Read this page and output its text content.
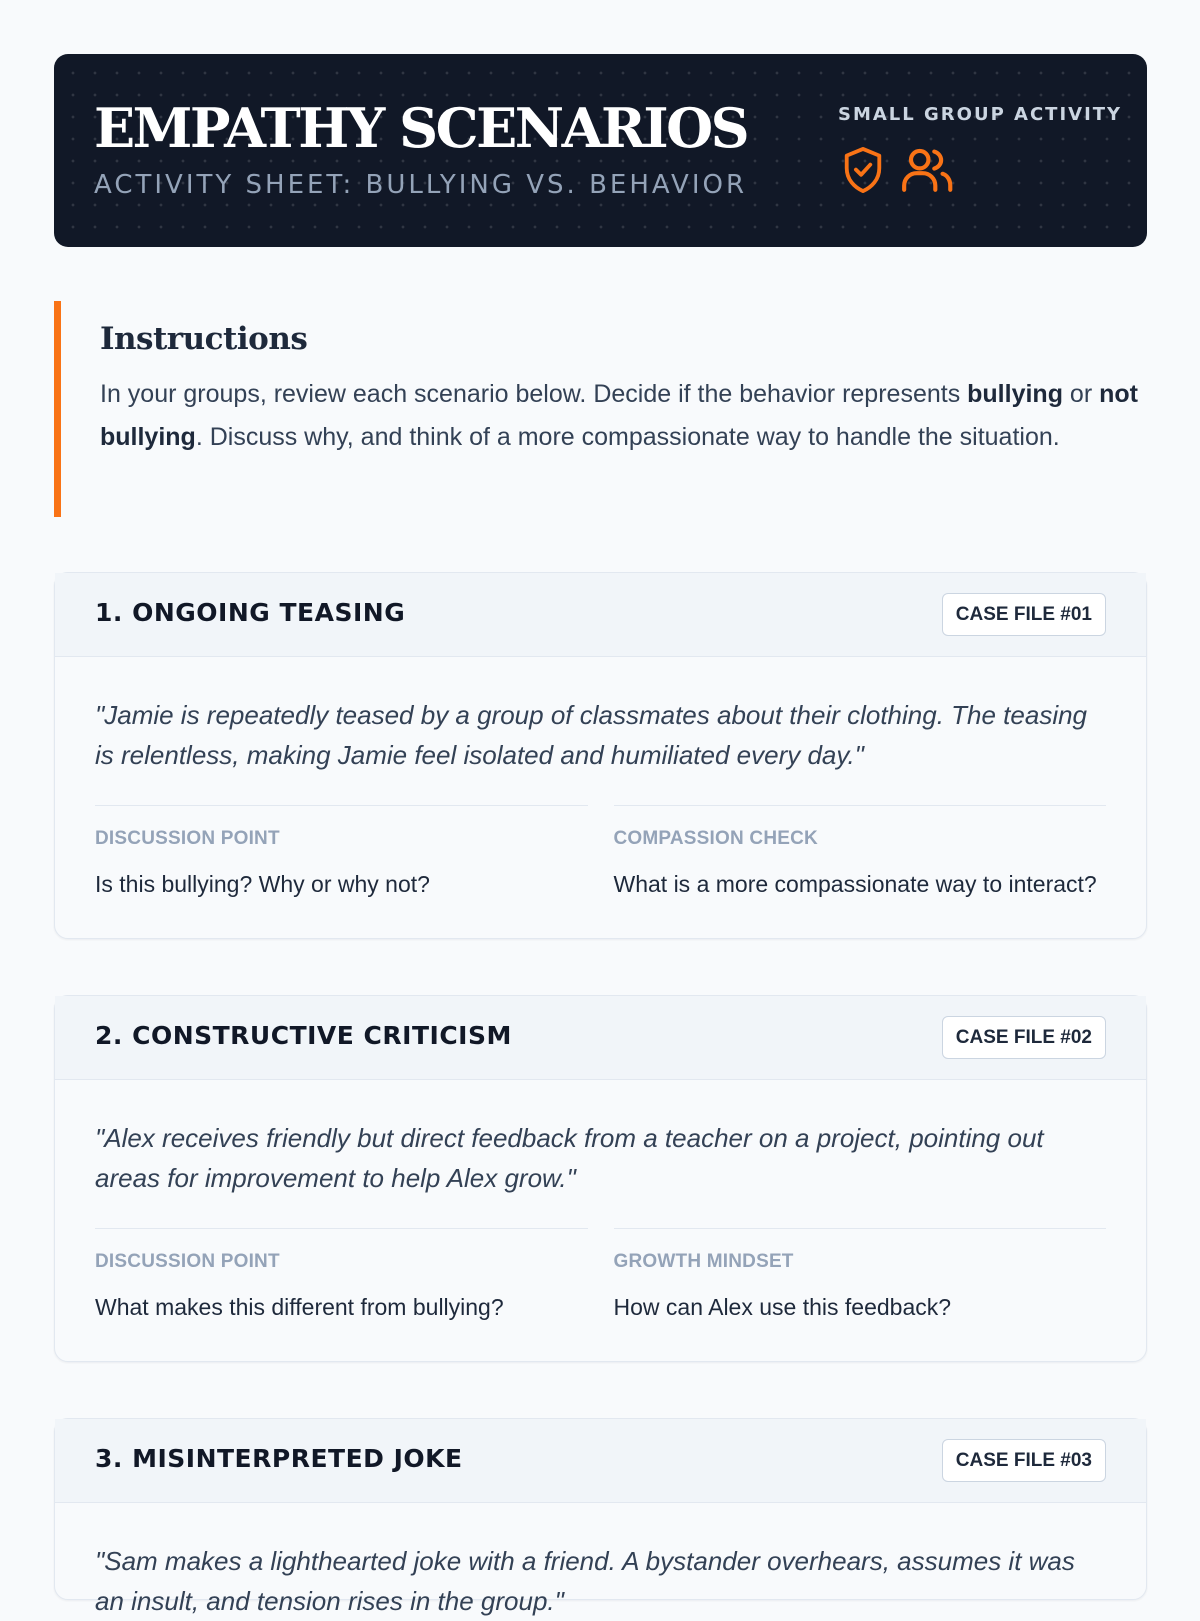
EMPATHY SCENARIOS
ACTIVITY SHEET: BULLYING VS. BEHAVIOR
SMALL GROUP ACTIVITY
Instructions

In your groups, review each scenario below. Decide if the behavior represents bullying or not bullying. Discuss why, and think of a more compassionate way to handle the situation.

1. ONGOING TEASING	CASE FILE #01
"Jamie is repeatedly teased by a group of classmates about their clothing. The teasing is relentless, making Jamie feel isolated and humiliated every day."
DISCUSSION POINT
Is this bullying? Why or why not?
COMPASSION CHECK
What is a more compassionate way to interact?
2. CONSTRUCTIVE CRITICISM	CASE FILE #02
"Alex receives friendly but direct feedback from a teacher on a project, pointing out areas for improvement to help Alex grow."
DISCUSSION POINT
What makes this different from bullying?
GROWTH MINDSET
How can Alex use this feedback?
3. MISINTERPRETED JOKE	CASE FILE #03
"Sam makes a lighthearted joke with a friend. A bystander overhears, assumes it was an insult, and tension rises in the group."
